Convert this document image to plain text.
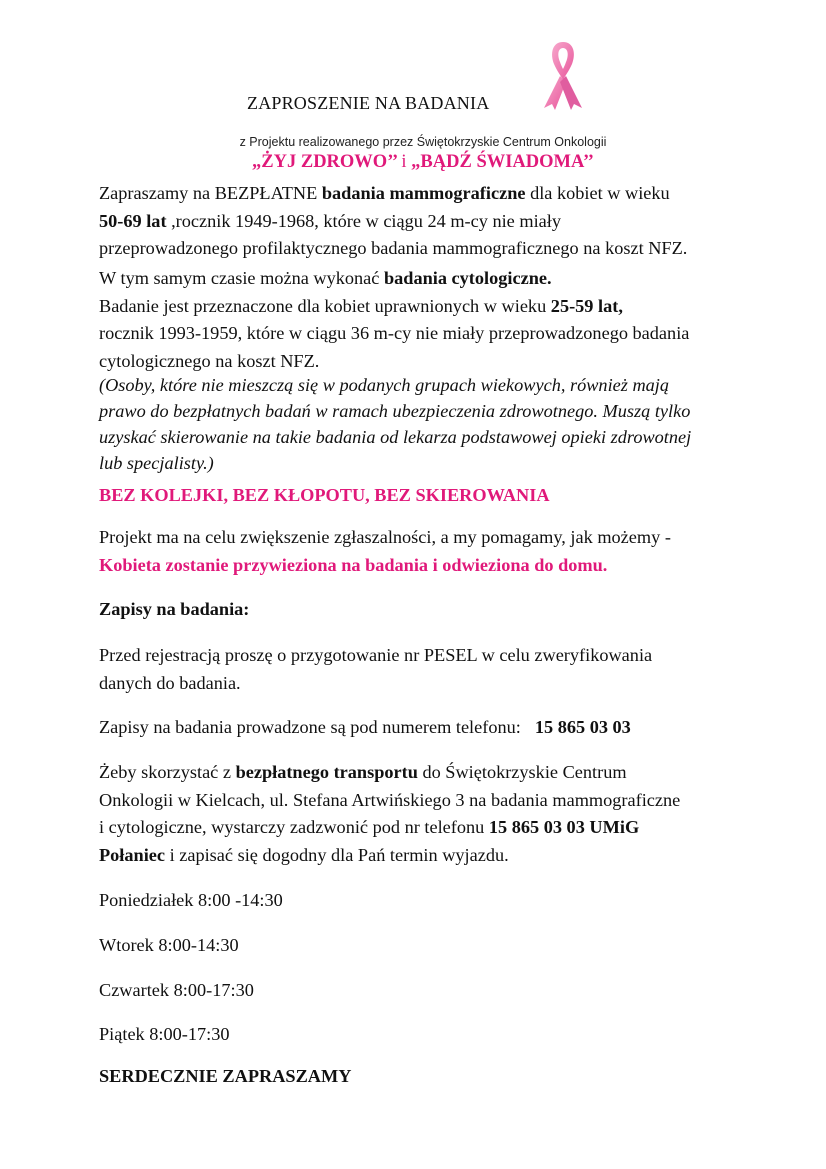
ZAPROSZENIE NA BADANIA
z Projektu realizowanego przez Świętokrzyskie Centrum Onkologii
„ŻYJ ZDROWO’’ i „BĄDŹ ŚWIADOMA’’
Zapraszamy na BEZPŁATNE badania mammograficzne dla kobiet w wieku
50-69 lat ,rocznik 1949-1968, które w ciągu 24 m-cy nie miały
przeprowadzonego profilaktycznego badania mammograficznego na koszt NFZ.
W tym samym czasie można wykonać badania cytologiczne.
Badanie jest przeznaczone dla kobiet uprawnionych w wieku 25-59 lat,
rocznik 1993-1959, które w ciągu 36 m-cy nie miały przeprowadzonego badania
cytologicznego na koszt NFZ.
(Osoby, które nie mieszczą się w podanych grupach wiekowych, również mają
prawo do bezpłatnych badań w ramach ubezpieczenia zdrowotnego. Muszą tylko
uzyskać skierowanie na takie badania od lekarza podstawowej opieki zdrowotnej
lub specjalisty.)
BEZ KOLEJKI, BEZ KŁOPOTU, BEZ SKIEROWANIA
Projekt ma na celu zwiększenie zgłaszalności, a my pomagamy, jak możemy -
Kobieta zostanie przywieziona na badania i odwieziona do domu.
Zapisy na badania:
Przed rejestracją proszę o przygotowanie nr PESEL w celu zweryfikowania
danych do badania.
Zapisy na badania prowadzone są pod numerem telefonu: 15 865 03 03
Żeby skorzystać z bezpłatnego transportu do Świętokrzyskie Centrum
Onkologii w Kielcach, ul. Stefana Artwińskiego 3 na badania mammograficzne
i cytologiczne, wystarczy zadzwonić pod nr telefonu 15 865 03 03 UMiG
Połaniec i zapisać się dogodny dla Pań termin wyjazdu.
Poniedziałek 8:00 -14:30
Wtorek 8:00-14:30
Czwartek 8:00-17:30
Piątek 8:00-17:30
SERDECZNIE ZAPRASZAMY
